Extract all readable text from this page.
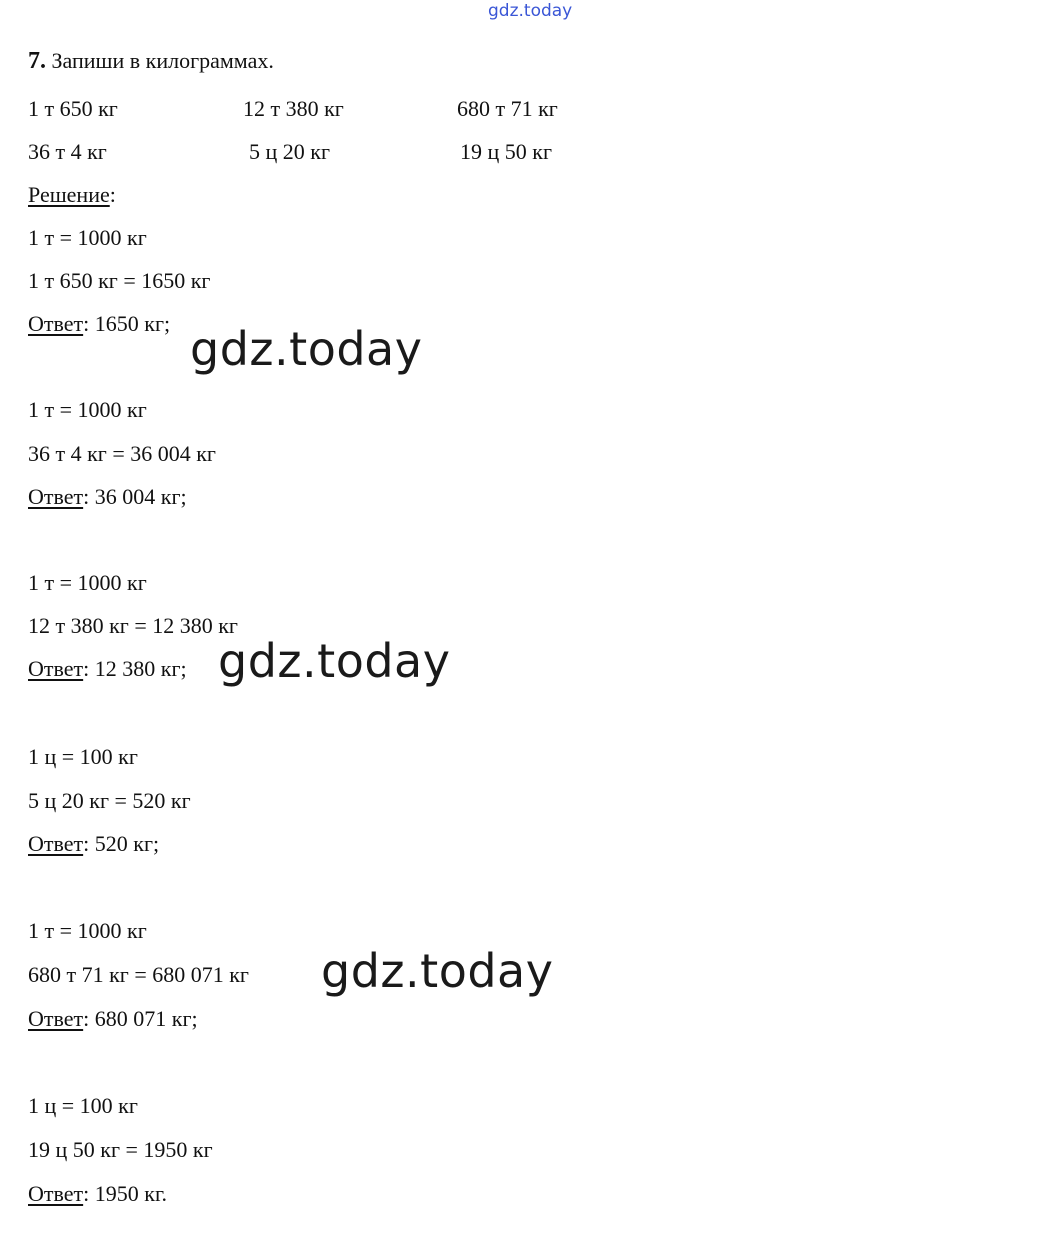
gdz.today
7. Запиши в килограммах.
1 т 650 кг	12 т 380 кг	680 т 71 кг
36 т 4 кг	5 ц 20 кг	19 ц 50 кг
Решение:
1 т = 1000 кг
1 т 650 кг = 1650 кг
Ответ: 1650 кг;
1 т = 1000 кг
36 т 4 кг = 36 004 кг
Ответ: 36 004 кг;
1 т = 1000 кг
12 т 380 кг = 12 380 кг
Ответ: 12 380 кг;
1 ц = 100 кг
5 ц 20 кг = 520 кг
Ответ: 520 кг;
1 т = 1000 кг
680 т 71 кг = 680 071 кг
Ответ: 680 071 кг;
1 ц = 100 кг
19 ц 50 кг = 1950 кг
Ответ: 1950 кг.
gdz.today
gdz.today
gdz.today
